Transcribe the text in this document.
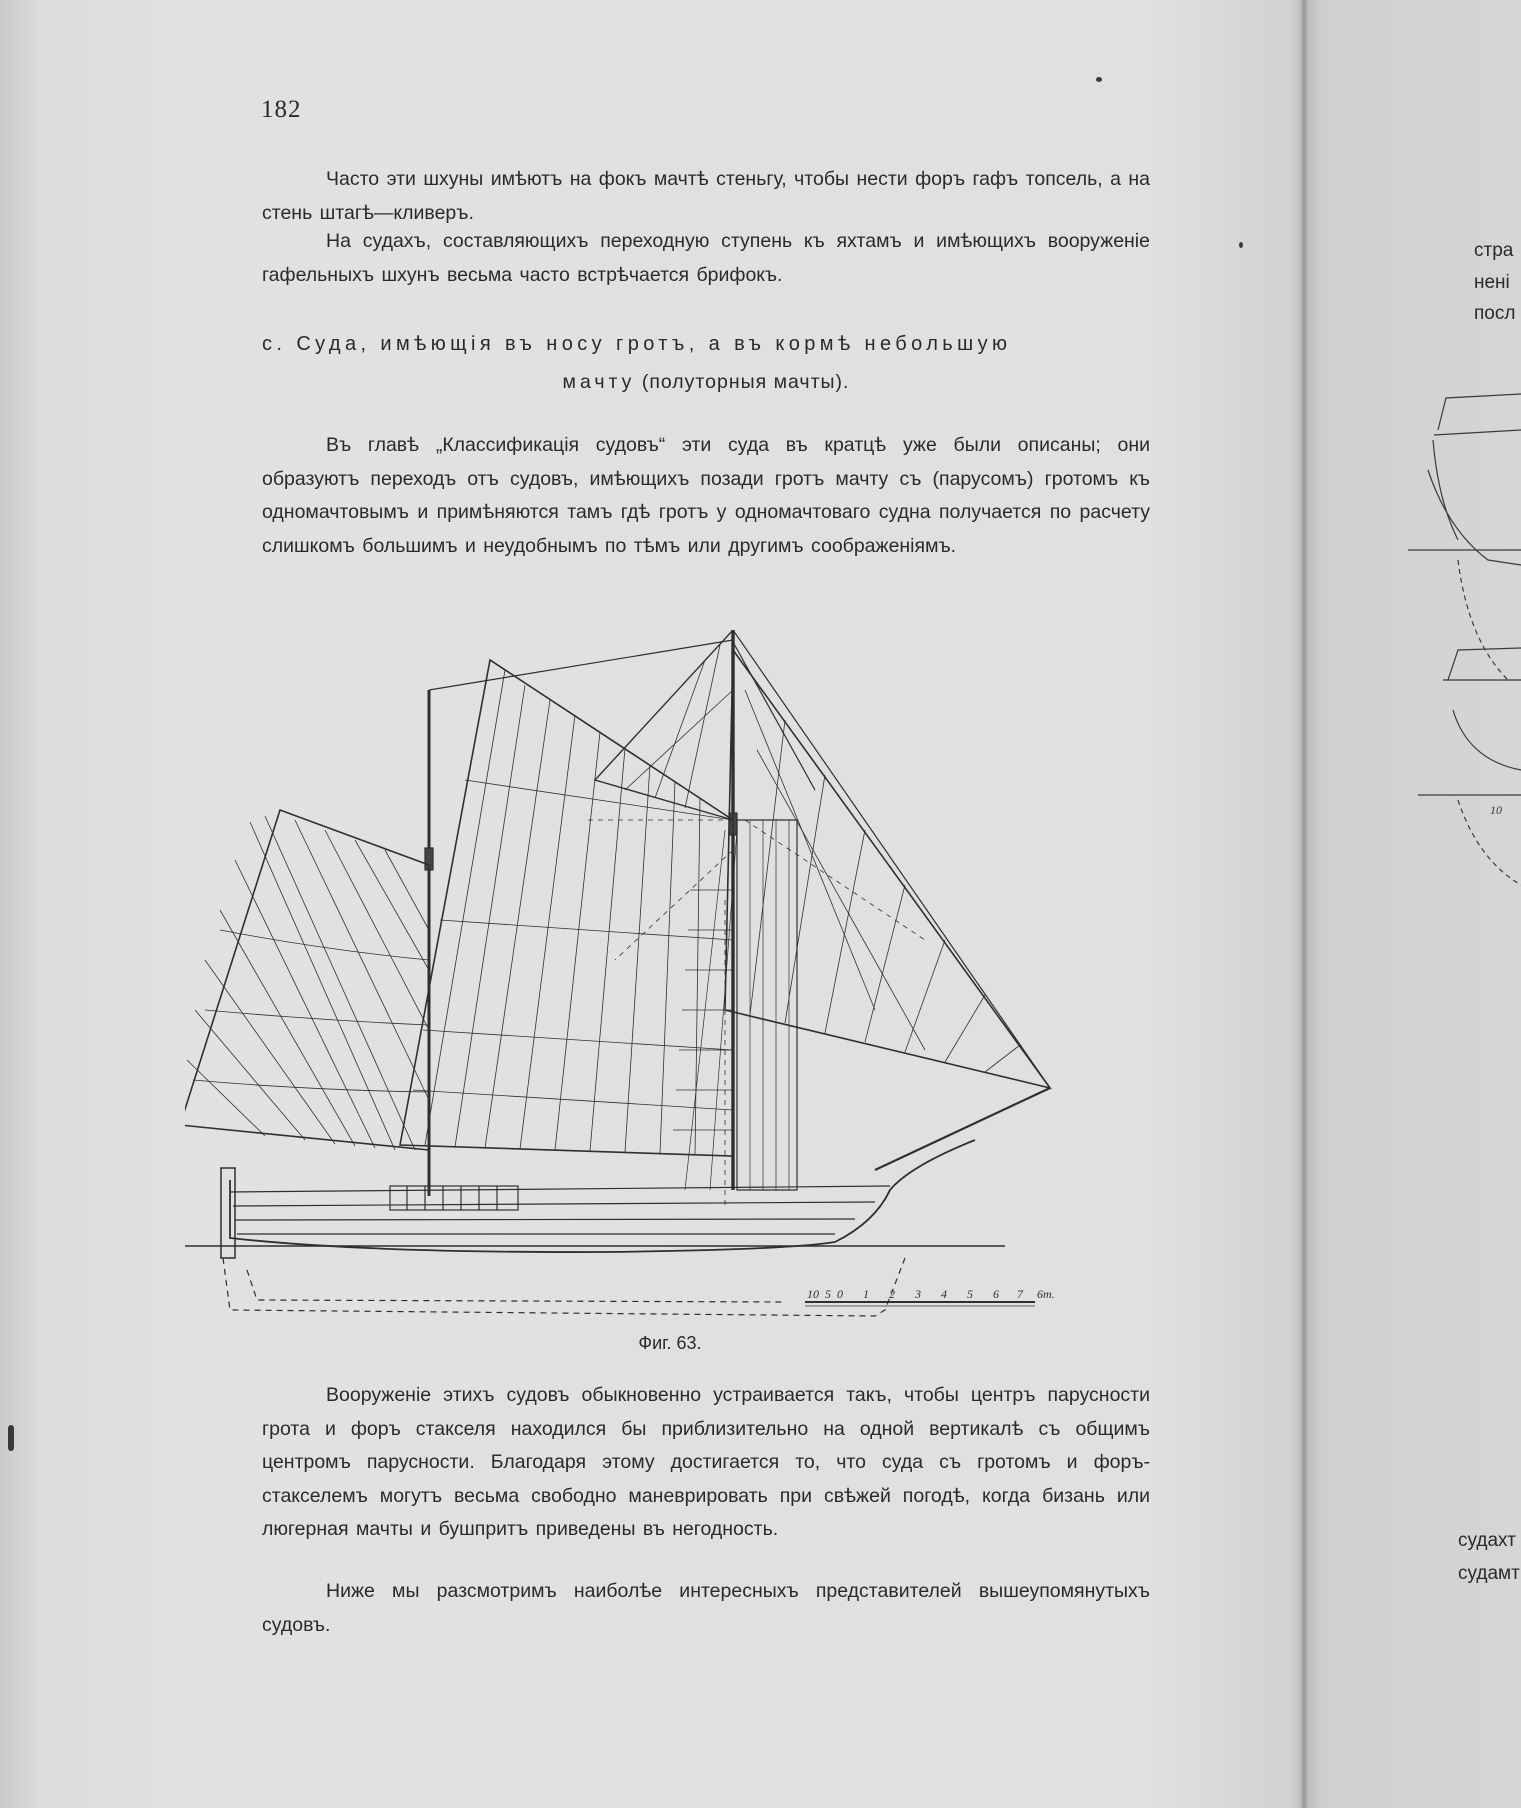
182

Часто эти шхуны имѣютъ на фокъ мачтѣ стеньгу, чтобы нести форъ гафъ топсель, а на стень штагѣ—кливеръ.

На судахъ, составляющихъ переходную ступень къ яхтамъ и имѣющихъ вооруженіе гафельныхъ шхунъ весьма часто встрѣчается брифокъ.

с. Суда, имѣющія въ носу гротъ, а въ кормѣ небольшую

мачту (полуторныя мачты).

Въ главѣ „Классификація судовъ“ эти суда въ кратцѣ уже были описаны; они образуютъ переходъ отъ судовъ, имѣющихъ позади гротъ мачту съ (парусомъ) гротомъ къ одномачтовымъ и примѣняются тамъ гдѣ гротъ у одномачтоваго судна получается по расчету слишкомъ большимъ и неудобнымъ по тѣмъ или другимъ соображеніямъ.

10 5 0 1 2 3 4 5 6 7 6m.
Фиг. 63.

Вооруженіе этихъ судовъ обыкновенно устраивается такъ, чтобы центръ парусности грота и форъ стакселя находился бы приблизительно на одной вертикалѣ съ общимъ центромъ парусности. Благодаря этому достигается то, что суда съ гротомъ и форъ-стакселемъ могутъ весьма свободно маневрировать при свѣжей погодѣ, когда бизань или люгерная мачты и бушпритъ приведены въ негодность.

Ниже мы разсмотримъ наиболѣе интересныхъ представителей вышеупомянутыхъ судовъ.

стра
нені
посл
10
судахт
судамт
